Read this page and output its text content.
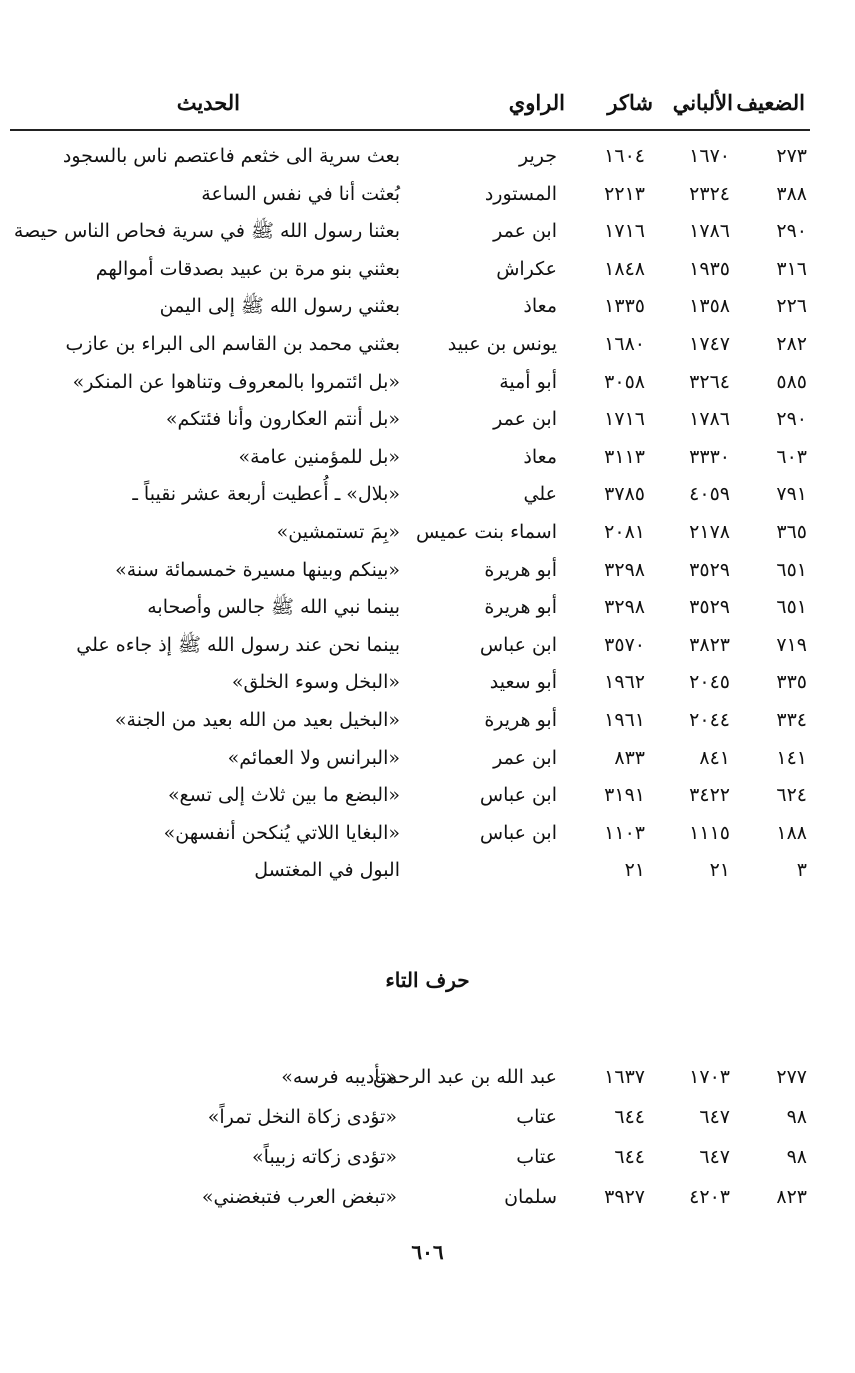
الضعيف
الألباني
شاكر
الراوي
الحديث
٢٧٣
١٦٧٠
١٦٠٤
جرير
بعث سرية الى خثعم فاعتصم ناس بالسجود
٣٨٨
٢٣٢٤
٢٢١٣
المستورد
بُعثت أنا في نفس الساعة
٢٩٠
١٧٨٦
١٧١٦
ابن عمر
بعثنا رسول الله ﷺ في سرية فحاص الناس حيصة
٣١٦
١٩٣٥
١٨٤٨
عكراش
بعثني بنو مرة بن عبيد بصدقات أموالهم
٢٢٦
١٣٥٨
١٣٣٥
معاذ
بعثني رسول الله ﷺ إلى اليمن
٢٨٢
١٧٤٧
١٦٨٠
يونس بن عبيد
بعثني محمد بن القاسم الى البراء بن عازب
٥٨٥
٣٢٦٤
٣٠٥٨
أبو أمية
«بل ائتمروا بالمعروف وتناهوا عن المنكر»
٢٩٠
١٧٨٦
١٧١٦
ابن عمر
«بل أنتم العكارون وأنا فئتكم»
٦٠٣
٣٣٣٠
٣١١٣
معاذ
«بل للمؤمنين عامة»
٧٩١
٤٠٥٩
٣٧٨٥
علي
«بلال» ـ أُعطيت أربعة عشر نقيباً ـ
٣٦٥
٢١٧٨
٢٠٨١
اسماء بنت عميس
«بِمَ تستمشين»
٦٥١
٣٥٢٩
٣٢٩٨
أبو هريرة
«بينكم وبينها مسيرة خمسمائة سنة»
٦٥١
٣٥٢٩
٣٢٩٨
أبو هريرة
بينما نبي الله ﷺ جالس وأصحابه
٧١٩
٣٨٢٣
٣٥٧٠
ابن عباس
بينما نحن عند رسول الله ﷺ إذ جاءه علي
٣٣٥
٢٠٤٥
١٩٦٢
أبو سعيد
«البخل وسوء الخلق»
٣٣٤
٢٠٤٤
١٩٦١
أبو هريرة
«البخيل بعيد من الله بعيد من الجنة»
١٤١
٨٤١
٨٣٣
ابن عمر
«البرانس ولا العمائم»
٦٢٤
٣٤٢٢
٣١٩١
ابن عباس
«البضع ما بين ثلاث إلى تسع»
١٨٨
١١١٥
١١٠٣
ابن عباس
«البغايا اللاتي يُنكحن أنفسهن»
٣
٢١
٢١
البول في المغتسل
حرف التاء
٢٧٧
١٧٠٣
١٦٣٧
عبد الله بن عبد الرحمن
«تأديبه فرسه»
٩٨
٦٤٧
٦٤٤
عتاب
«تؤدى زكاة النخل تمراً»
٩٨
٦٤٧
٦٤٤
عتاب
«تؤدى زكاته زبيباً»
٨٢٣
٤٢٠٣
٣٩٢٧
سلمان
«تبغض العرب فتبغضني»
٦٠٦
